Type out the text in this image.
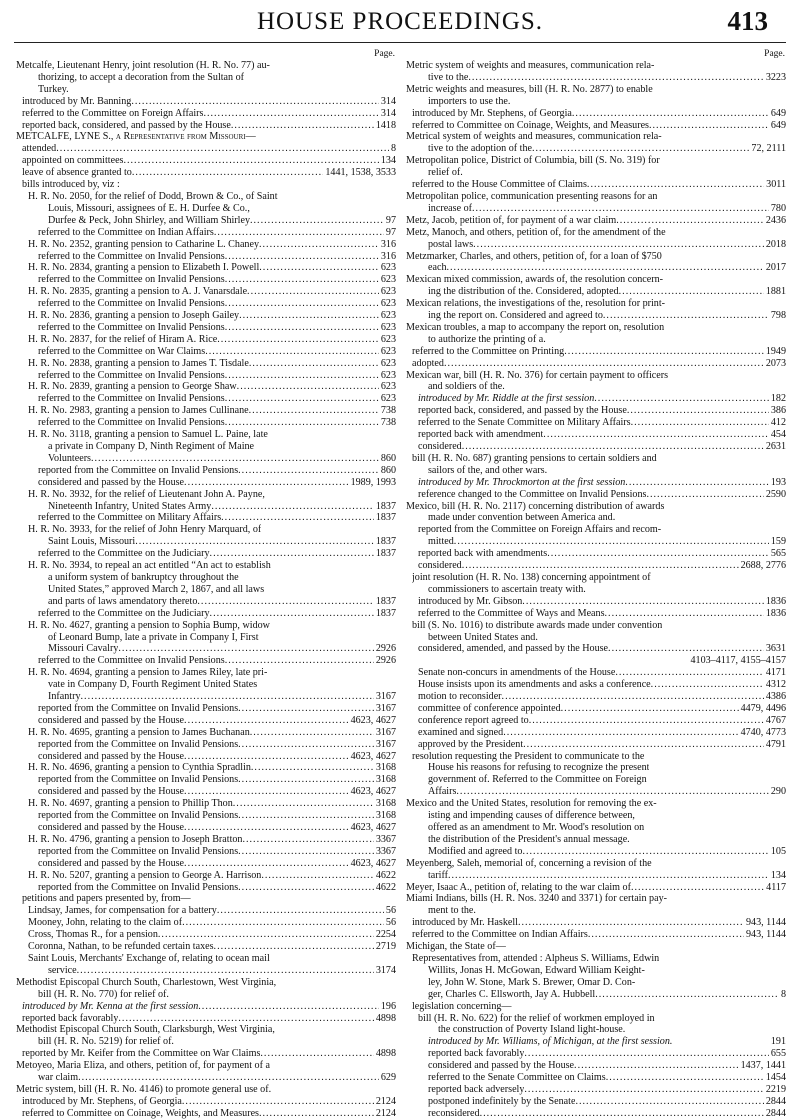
HOUSE PROCEEDINGS.	413
Page.
Metcalfe, Lieutenant Henry, joint resolution (H. R. No. 77) au-
thorizing, to accept a decoration from the Sultan of
Turkey.
introduced by Mr. Banning .....	314
referred to the Committee on Foreign Affairs .....	314
reported back, considered, and passed by the House .....	1418
METCALFE, LYNE S., a Representative from Missouri—
attended .....	8
appointed on committees .....	134
leave of absence granted to .....	1441, 1538, 3533
bills introduced by, viz :
H. R. No. 2050, for the relief of Dodd, Brown & Co., of Saint
Louis, Missouri, assignees of E. H. Durfee & Co.,
Durfee & Peck, John Shirley, and William Shirley .....	97
referred to the Committee on Indian Affairs .....	97
H. R. No. 2352, granting pension to Catharine L. Chaney .....	316
referred to the Committee on Invalid Pensions .....	316
H. R. No. 2834, granting a pension to Elizabeth I. Powell .....	623
referred to the Committee on Invalid Pensions .....	623
H. R. No. 2835, granting a pension to A. J. Vanarsdale .....	623
referred to the Committee on Invalid Pensions .....	623
H. R. No. 2836, granting a pension to Joseph Gailey .....	623
referred to the Committee on Invalid Pensions .....	623
H. R. No. 2837, for the relief of Hiram A. Rice .....	623
referred to the Committee on War Claims .....	623
H. R. No. 2838, granting a pension to James T. Tisdale .....	623
referred to the Committee on Invalid Pensions .....	623
H. R. No. 2839, granting a pension to George Shaw .....	623
referred to the Committee on Invalid Pensions .....	623
H. R. No. 2983, granting a pension to James Cullinane .....	738
referred to the Committee on Invalid Pensions .....	738
H. R. No. 3118, granting a pension to Samuel L. Paine, late
a private in Company D, Ninth Regiment of Maine
Volunteers .....	860
reported from the Committee on Invalid Pensions .....	860
considered and passed by the House .....	1989, 1993
H. R. No. 3932, for the relief of Lieutenant John A. Payne,
Nineteenth Infantry, United States Army .....	1837
referred to the Committee on Military Affairs .....	1837
H. R. No. 3933, for the relief of John Henry Marquard, of
Saint Louis, Missouri .....	1837
referred to the Committee on the Judiciary .....	1837
H. R. No. 3934, to repeal an act entitled “An act to establish
a uniform system of bankruptcy throughout the
United States,” approved March 2, 1867, and all laws
and parts of laws amendatory thereto .....	1837
referred to the Committee on the Judiciary .....	1837
H. R. No. 4627, granting a pension to Sophia Bump, widow
of Leonard Bump, late a private in Company I, First
Missouri Cavalry .....	2926
referred to the Committee on Invalid Pensions .....	2926
H. R. No. 4694, granting a pension to James Riley, late pri-
vate in Company D, Fourth Regiment United States
Infantry .....	3167
reported from the Committee on Invalid Pensions .....	3167
considered and passed by the House .....	4623, 4627
H. R. No. 4695, granting a pension to James Buchanan .....	3167
reported from the Committee on Invalid Pensions .....	3167
considered and passed by the House .....	4623, 4627
H. R. No. 4696, granting a pension to Cynthia Spradlin .....	3168
reported from the Committee on Invalid Pensions .....	3168
considered and passed by the House .....	4623, 4627
H. R. No. 4697, granting a pension to Phillip Thon .....	3168
reported from the Committee on Invalid Pensions .....	3168
considered and passed by the House .....	4623, 4627
H. R. No. 4796, granting a pension to Joseph Bratton .....	3367
reported from the Committee on Invalid Pensions .....	3367
considered and passed by the House .....	4623, 4627
H. R. No. 5207, granting a pension to George A. Harrison .....	4622
reported from the Committee on Invalid Pensions .....	4622
petitions and papers presented by, from—
Lindsay, James, for compensation for a battery .....	56
Mooney, John, relating to the claim of .....	56
Cross, Thomas R., for a pension .....	2254
Coronna, Nathan, to be refunded certain taxes .....	2719
Saint Louis, Merchants' Exchange of, relating to ocean mail
service .....	3174
Methodist Episcopal Church South, Charlestown, West Virginia,
bill (H. R. No. 770) for relief of.
introduced by Mr. Kenna at the first session .....	196
reported back favorably .....	4898
Methodist Episcopal Church South, Clarksburgh, West Virginia,
bill (H. R. No. 5219) for relief of.
reported by Mr. Keifer from the Committee on War Claims .....	4898
Metoyeo, Maria Eliza, and others, petition of, for payment of a
war claim .....	629
Metric system, bill (H. R. No. 4146) to promote general use of.
introduced by Mr. Stephens, of Georgia .....	2124
referred to Committee on Coinage, Weights, and Measures .....	2124
Page.
Metric system of weights and measures, communication rela-
tive to the .....	3223
Metric weights and measures, bill (H. R. No. 2877) to enable
importers to use the.
introduced by Mr. Stephens, of Georgia .....	649
referred to Committee on Coinage, Weights, and Measures .....	649
Metrical system of weights and measures, communication rela-
tive to the adoption of the .....	72, 2111
Metropolitan police, District of Columbia, bill (S. No. 319) for
relief of.
referred to the House Committee of Claims .....	3011
Metropolitan police, communication presenting reasons for an
increase of .....	780
Metz, Jacob, petition of, for payment of a war claim .....	2436
Metz, Manoch, and others, petition of, for the amendment of the
postal laws .....	2018
Metzmarker, Charles, and others, petition of, for a loan of $750
each .....	2017
Mexican mixed commission, awards of, the resolution concern-
ing the distribution of the. Considered, adopted .....	1881
Mexican relations, the investigations of the, resolution for print-
ing the report on. Considered and agreed to .....	798
Mexican troubles, a map to accompany the report on, resolution
to authorize the printing of a.
referred to the Committee on Printing .....	1949
adopted .....	2073
Mexican war, bill (H. R. No. 376) for certain payment to officers
and soldiers of the.
introduced by Mr. Riddle at the first session .....	182
reported back, considered, and passed by the House .....	386
referred to the Senate Committee on Military Affairs .....	412
reported back with amendment .....	454
considered .....	2631
bill (H. R. No. 687) granting pensions to certain soldiers and
sailors of the, and other wars.
introduced by Mr. Throckmorton at the first session .....	193
reference changed to the Committee on Invalid Pensions .....	2590
Mexico, bill (H. R. No. 2117) concerning distribution of awards
made under convention between America and.
reported from the Committee on Foreign Affairs and recom-
mitted .....	159
reported back with amendments .....	565
considered .....	2688, 2776
joint resolution (H. R. No. 138) concerning appointment of
commissioners to ascertain treaty with.
introduced by Mr. Gibson .....	1836
referred to the Committee of Ways and Means .....	1836
bill (S. No. 1016) to distribute awards made under convention
between United States and.
considered, amended, and passed by the House .....	3631
4103–4117, 4155–4157
Senate non-concurs in amendments of the House .....	4171
House insists upon its amendments and asks a conference .....	4312
motion to reconsider .....	4386
committee of conference appointed .....	4479, 4496
conference report agreed to .....	4767
examined and signed .....	4740, 4773
approved by the President .....	4791
resolution requesting the President to communicate to the
House his reasons for refusing to recognize the present
government of. Referred to the Committee on Foreign
Affairs .....	290
Mexico and the United States, resolution for removing the ex-
isting and impending causes of difference between,
offered as an amendment to Mr. Wood's resolution on
the distribution of the President's annual message.
Modified and agreed to .....	105
Meyenberg, Saleh, memorial of, concerning a revision of the
tariff .....	134
Meyer, Isaac A., petition of, relating to the war claim of .....	4117
Miami Indians, bills (H. R. Nos. 3240 and 3371) for certain pay-
ment to the.
introduced by Mr. Haskell .....	943, 1144
referred to the Committee on Indian Affairs .....	943, 1144
Michigan, the State of—
Representatives from, attended : Alpheus S. Williams, Edwin
Willits, Jonas H. McGowan, Edward William Keight-
ley, John W. Stone, Mark S. Brewer, Omar D. Con-
ger, Charles C. Ellsworth, Jay A. Hubbell .....	8
legislation concerning—
bill (H. R. No. 622) for the relief of workmen employed in
the construction of Poverty Island light-house.
introduced by Mr. Williams, of Michigan, at the first session.	191
reported back favorably .....	655
considered and passed by the House .....	1437, 1441
referred to the Senate Committee on Claims .....	1454
reported back adversely .....	2219
postponed indefinitely by the Senate .....	2844
reconsidered .....	2844
